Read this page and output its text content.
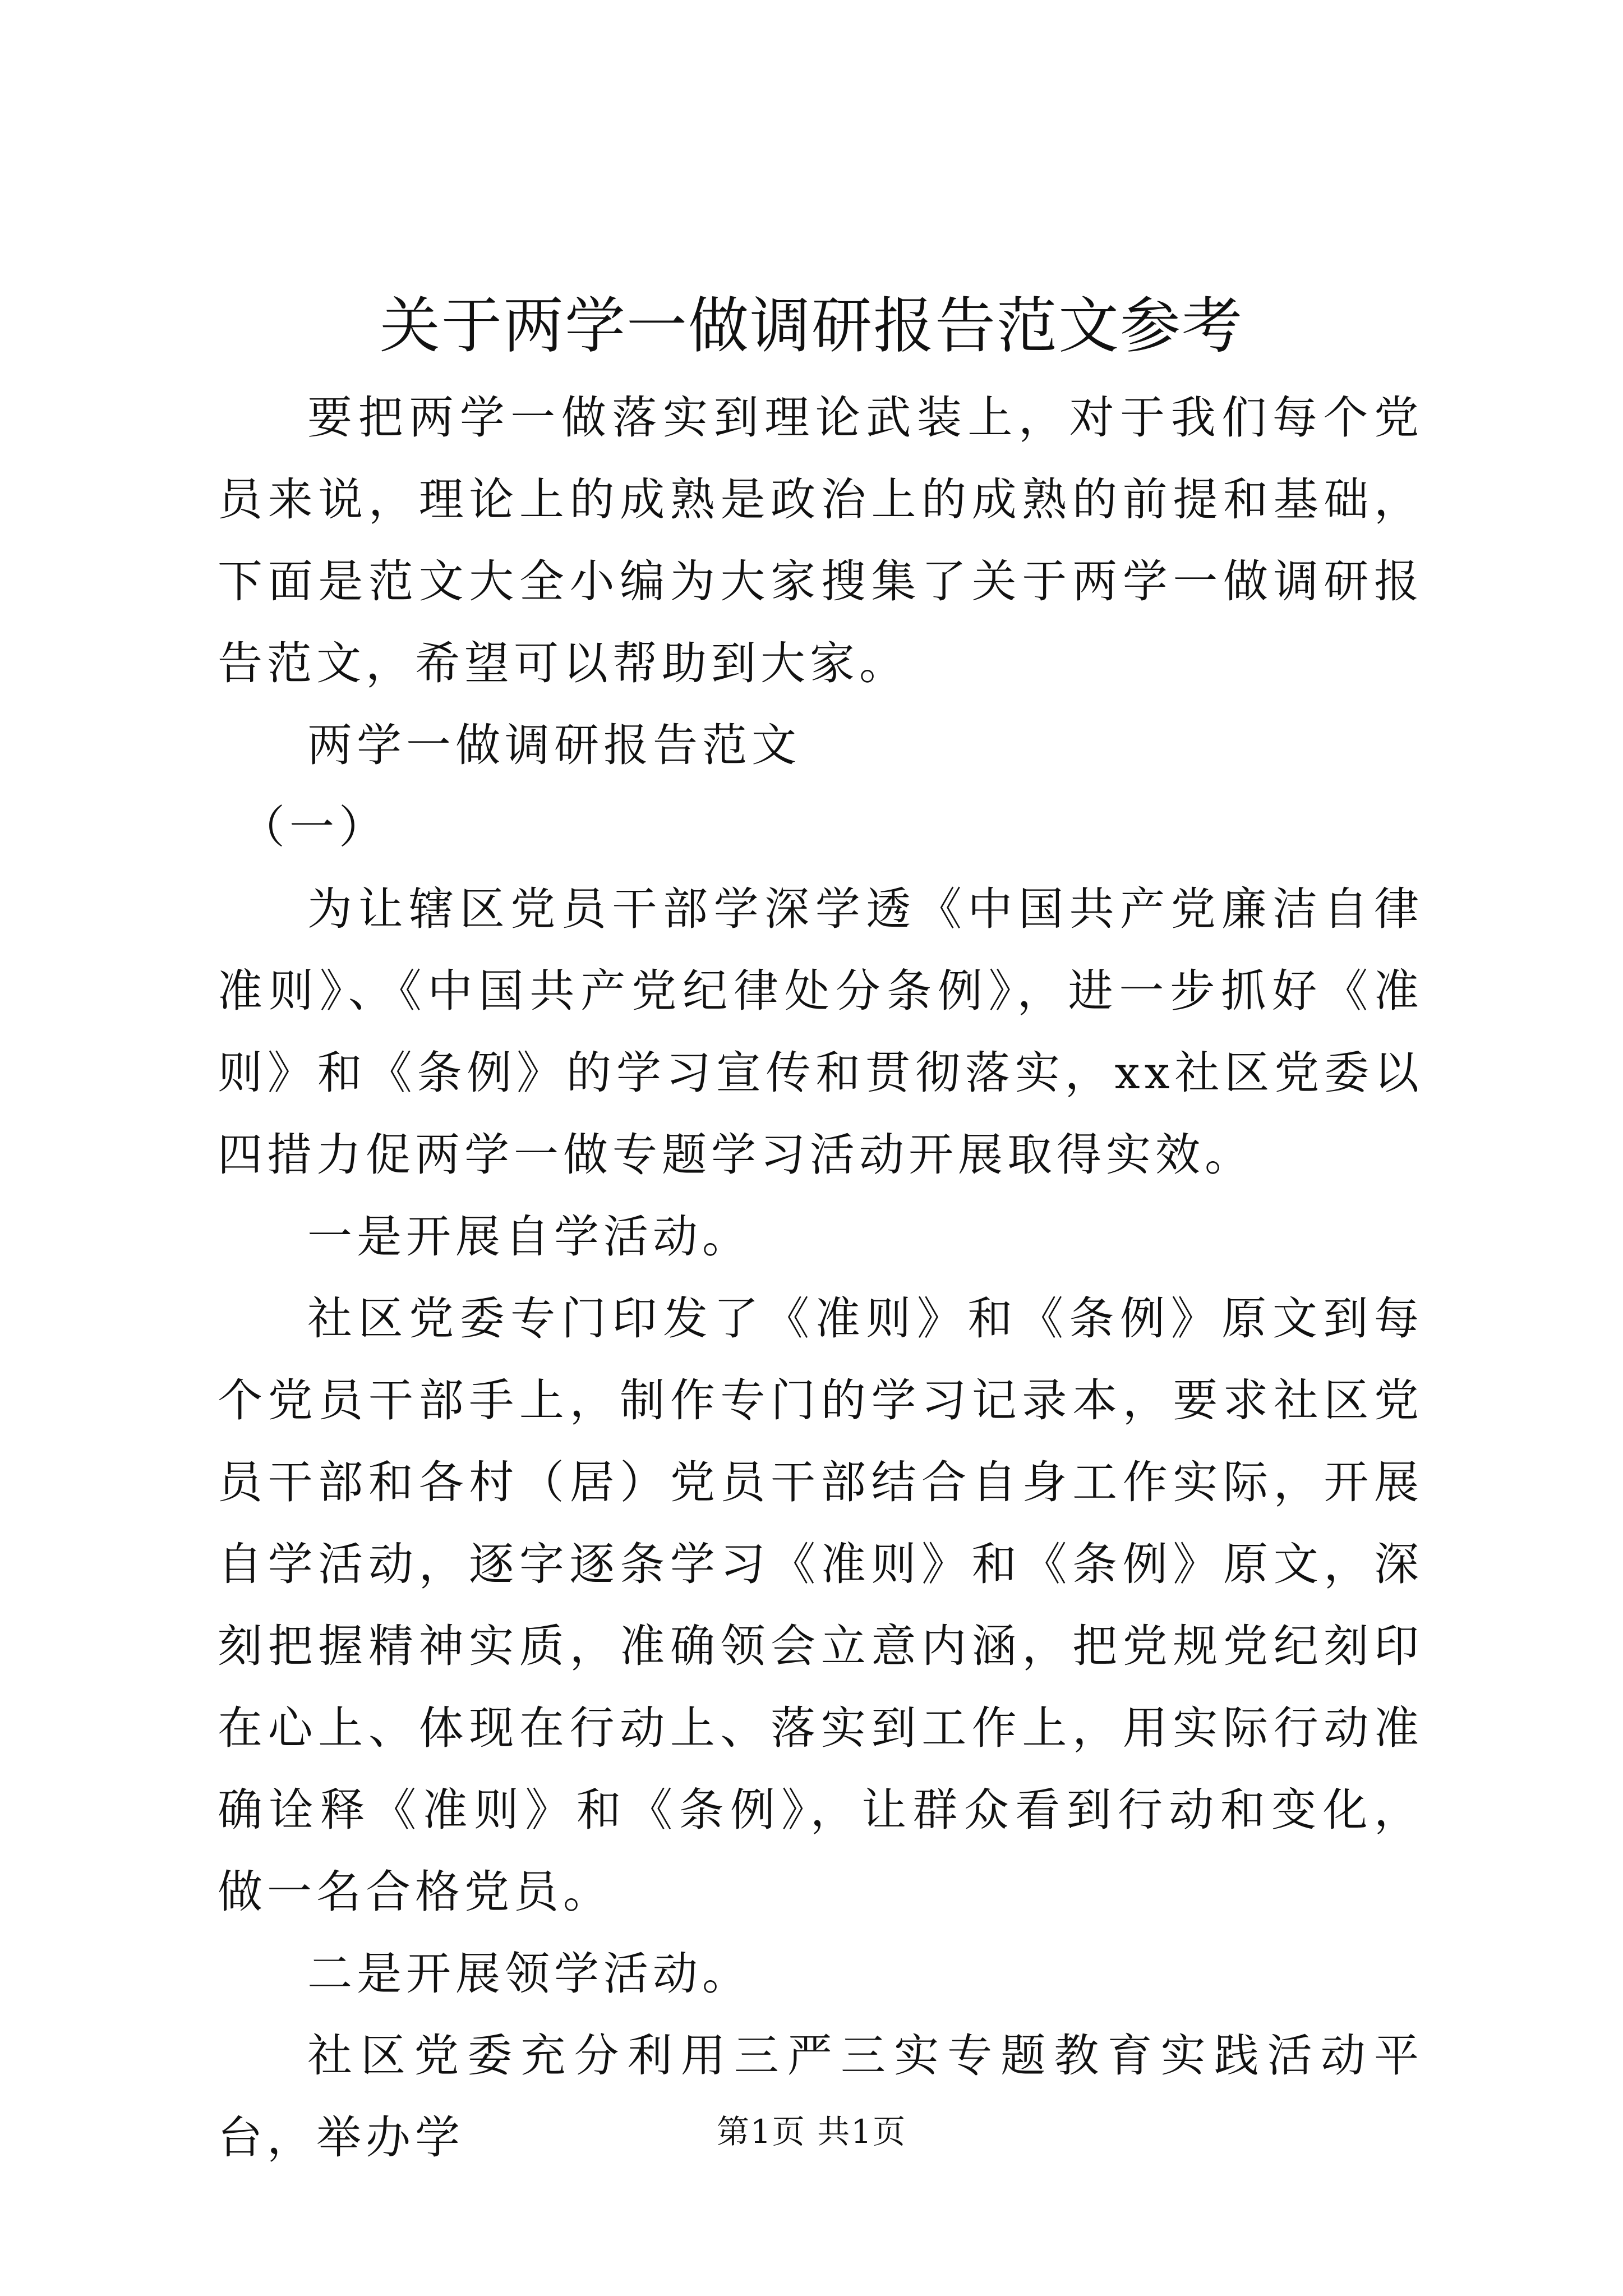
关于两学一做调研报告范文参考

要把两学一做落实到理论武装上，对于我们每个党员来说，理论上的成熟是政治上的成熟的前提和基础，下面是范文大全小编为大家搜集了关于两学一做调研报告范文，希望可以帮助到大家。

两学一做调研报告范文

（一）

为让辖区党员干部学深学透《中国共产党廉洁自律准则》、《中国共产党纪律处分条例》，进一步抓好《准则》和《条例》的学习宣传和贯彻落实，xx社区党委以四措力促两学一做专题学习活动开展取得实效。

一是开展自学活动。

社区党委专门印发了《准则》和《条例》原文到每个党员干部手上，制作专门的学习记录本，要求社区党员干部和各村（居）党员干部结合自身工作实际，开展自学活动，逐字逐条学习《准则》和《条例》原文，深刻把握精神实质，准确领会立意内涵，把党规党纪刻印在心上、体现在行动上、落实到工作上，用实际行动准确诠释《准则》和《条例》，让群众看到行动和变化，做一名合格党员。

二是开展领学活动。

社区党委充分利用三严三实专题教育实践活动平台，举办学	第1页 共1页
